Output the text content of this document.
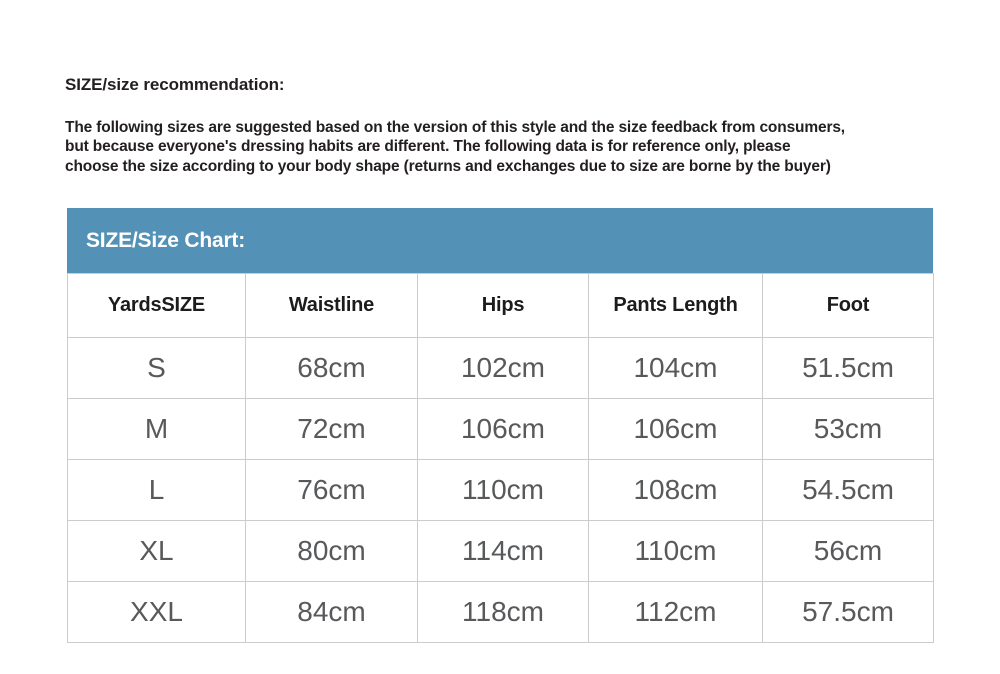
SIZE/size recommendation:
The following sizes are suggested based on the version of this style and the size feedback from consumers,
but because everyone's dressing habits are different. The following data is for reference only, please
choose the size according to your body shape (returns and exchanges due to size are borne by the buyer)
SIZE/Size Chart:
YardsSIZE	Waistline	Hips	Pants Length	Foot
S	68cm	102cm	104cm	51.5cm
M	72cm	106cm	106cm	53cm
L	76cm	110cm	108cm	54.5cm
XL	80cm	114cm	110cm	56cm
XXL	84cm	118cm	112cm	57.5cm
